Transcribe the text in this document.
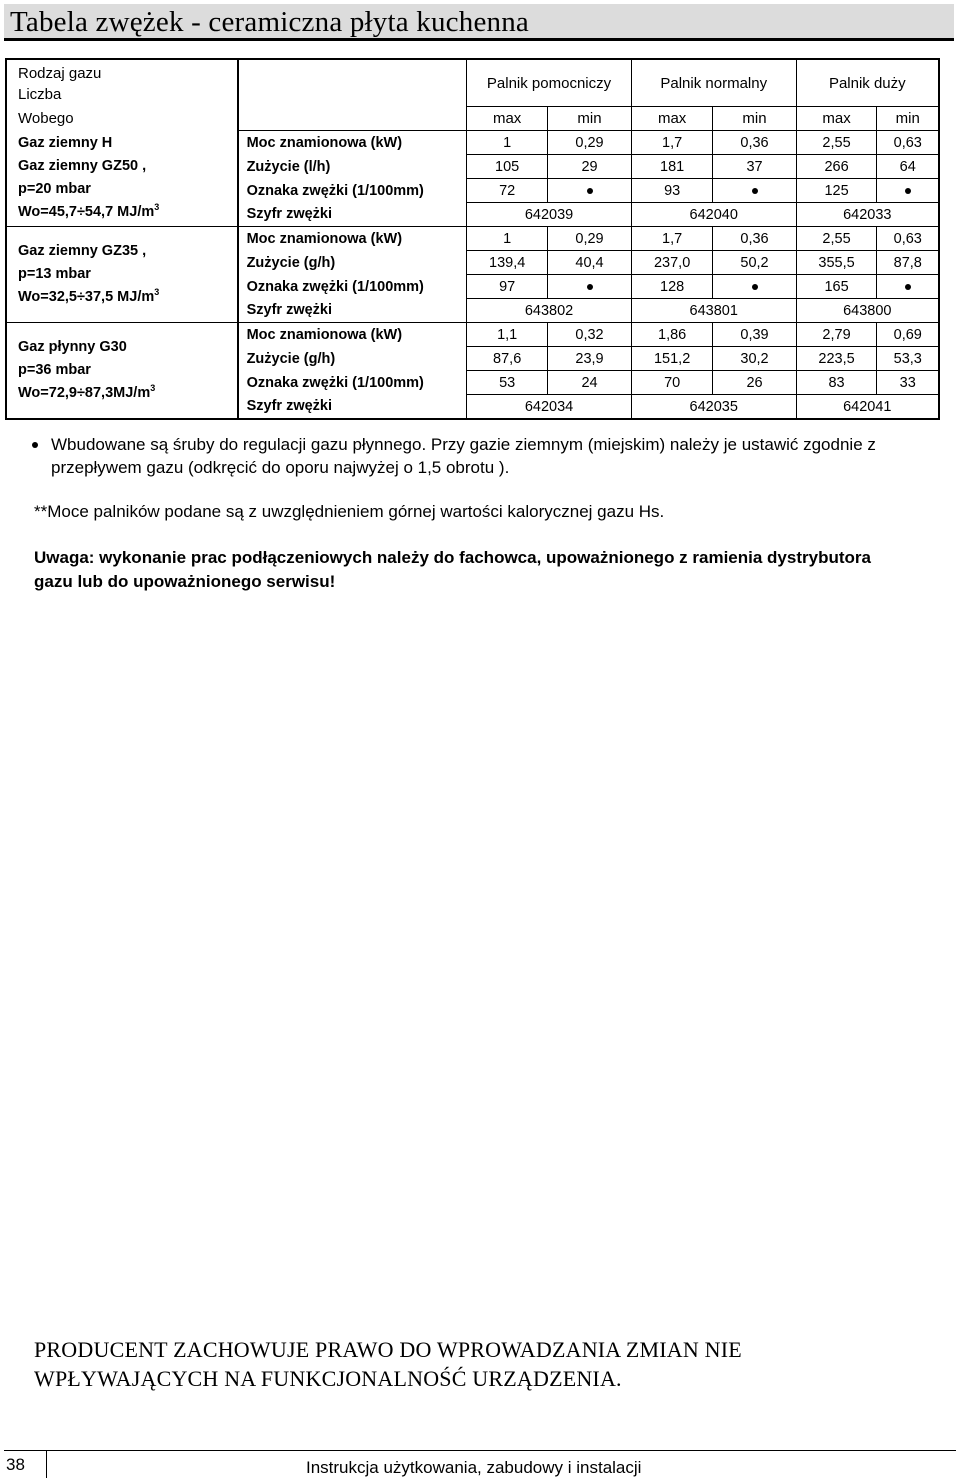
Tabela zwężek - ceramiczna płyta kuchenna
Rodzaj gazu
Liczba		Palnik pomocniczy		Palnik normalny		Palnik duży	
Wobego		max	min	max	min	max	min

Gaz ziemny H
Gaz ziemny GZ50 ,
p=20 mbar
Wo=45,7÷54,7 $MJ/m^3$	Moc znamionowa (kW)	1	0,29	1,7	0,36	2,55	0,63
	Zużycie (l/h)	105	29	181	37	266	64
	Oznaka zwężki (1/100mm)	72		93		125	
	Szyfr zwężki	642039		642040		642033	

Gaz ziemny GZ35 ,
p=13 mbar
Wo=32,5÷37,5 $MJ/m^3$	Moc znamionowa (kW)	1	0,29	1,7	0,36	2,55	0,63
	Zużycie (g/h)	139,4	40,4	237,0	50,2	355,5	87,8
	Oznaka zwężki (1/100mm)	97		128		165	
	Szyfr zwężki	643802		643801		643800	

Gaz płynny G30
p=36 mbar
$Wo=72,9\div 87,3MJ/m^3$	Moc znamionowa (kW)	1,1	0,32	1,86	0,39	2,79	0,69
	Zużycie (g/h)	87,6	23,9	151,2	30,2	223,5	53,3
	Oznaka zwężki (1/100mm)	53	24	70	26	83	33
	Szyfr zwężki	642034		642035		642041	
Wbudowane są śruby do regulacji gazu płynnego. Przy gazie ziemnym (miejskim) należy je ustawić zgodnie z przepływem gazu (odkręcić do oporu najwyżej o 1,5 obrotu ).
**Moce palników podane są z uwzględnieniem górnej wartości kalorycznej gazu Hs.
Uwaga: wykonanie prac podłączeniowych należy do fachowca, upoważnionego z ramienia dystrybutora gazu lub do upoważnionego serwisu!
PRODUCENT ZACHOWUJE PRAWO DO WPROWADZANIA ZMIAN NIE WPŁYWAJĄCYCH NA FUNKCJONALNOŚĆ URZĄDZENIA.
38	Instrukcja użytkowania, zabudowy i instalacji
